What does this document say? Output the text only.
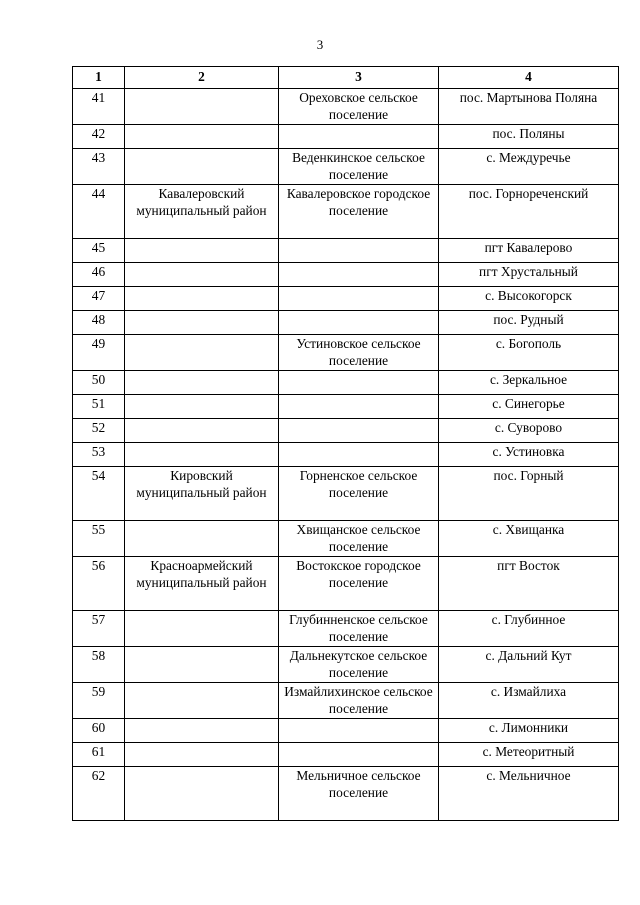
3
1	2	3	4
41		Ореховское сельское поселение	пос. Мартынова Поляна
42			пос. Поляны
43		Веденкинское сельское поселение	с. Междуречье
44	Кавалеровский муниципальный район	Кавалеровское городское поселение	пос. Горнореченский
45			пгт Кавалерово
46			пгт Хрустальный
47			с. Высокогорск
48			пос. Рудный
49		Устиновское сельское поселение	с. Богополь
50			с. Зеркальное
51			с. Синегорье
52			с. Суворово
53			с. Устиновка
54	Кировский муниципальный район	Горненское сельское поселение	пос. Горный
55		Хвищанское сельское поселение	с. Хвищанка
56	Красноармейский муниципальный район	Востокское городское поселение	пгт Восток
57		Глубинненское сельское поселение	с. Глубинное
58		Дальнекутское сельское поселение	с. Дальний Кут
59		Измайлихинское сельское поселение	с. Измайлиха
60			с. Лимонники
61			с. Метеоритный
62		Мельничное сельское поселение	с. Мельничное
